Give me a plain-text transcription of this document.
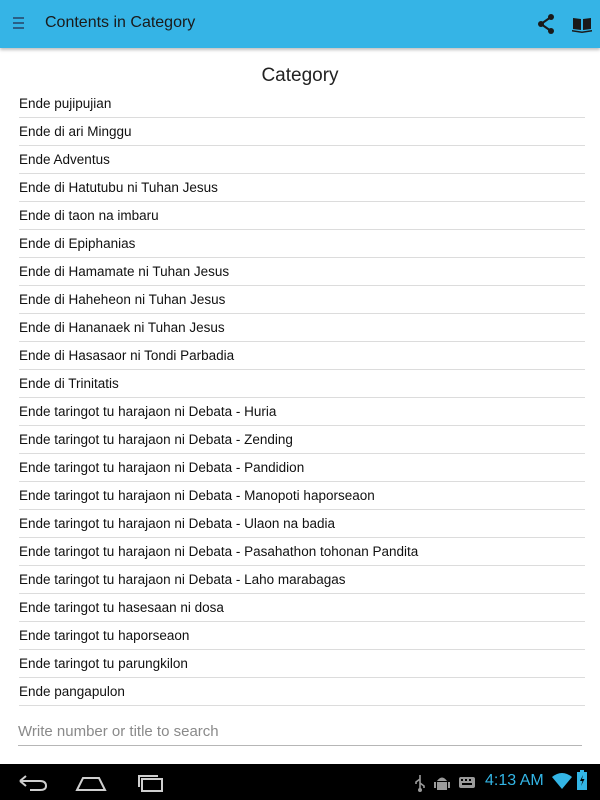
Contents in Category
Category
Ende pujipujian
Ende di ari Minggu
Ende Adventus
Ende di Hatutubu ni Tuhan Jesus
Ende di taon na imbaru
Ende di Epiphanias
Ende di Hamamate ni Tuhan Jesus
Ende di Haheheon ni Tuhan Jesus
Ende di Hananaek ni Tuhan Jesus
Ende di Hasasaor ni Tondi Parbadia
Ende di Trinitatis
Ende taringot tu harajaon ni Debata - Huria
Ende taringot tu harajaon ni Debata - Zending
Ende taringot tu harajaon ni Debata - Pandidion
Ende taringot tu harajaon ni Debata - Manopoti haporseaon
Ende taringot tu harajaon ni Debata - Ulaon na badia
Ende taringot tu harajaon ni Debata - Pasahathon tohonan Pandita
Ende taringot tu harajaon ni Debata - Laho marabagas
Ende taringot tu hasesaan ni dosa
Ende taringot tu haporseaon
Ende taringot tu parungkilon
Ende pangapulon
Write number or title to search
4:13 AM
